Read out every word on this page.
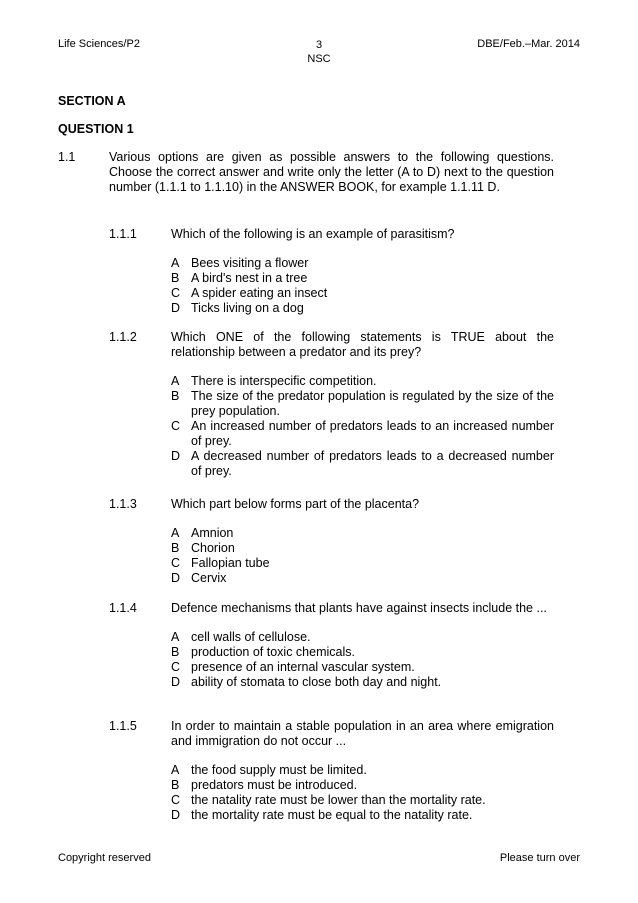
Life Sciences/P2	3
NSC
DBE/Feb.–Mar. 2014
SECTION A
QUESTION 1
1.1	Various options are given as possible answers to the following questions. Choose the correct answer and write only the letter (A to D) next to the question number (1.1.1 to 1.1.10) in the ANSWER BOOK, for example 1.1.11 D.
1.1.1	Which of the following is an example of parasitism?
A Bees visiting a flower
B A bird's nest in a tree
C A spider eating an insect
D Ticks living on a dog
1.1.2	Which ONE of the following statements is TRUE about the relationship between a predator and its prey?
A There is interspecific competition.
B The size of the predator population is regulated by the size of the prey population.
C An increased number of predators leads to an increased number of prey.
D A decreased number of predators leads to a decreased number of prey.
1.1.3	Which part below forms part of the placenta?
A Amnion
B Chorion
C Fallopian tube
D Cervix
1.1.4	Defence mechanisms that plants have against insects include the ...
A cell walls of cellulose.
B production of toxic chemicals.
C presence of an internal vascular system.
D ability of stomata to close both day and night.
1.1.5	In order to maintain a stable population in an area where emigration and immigration do not occur ...
A the food supply must be limited.
B predators must be introduced.
C the natality rate must be lower than the mortality rate.
D the mortality rate must be equal to the natality rate.
Copyright reserved	Please turn over
